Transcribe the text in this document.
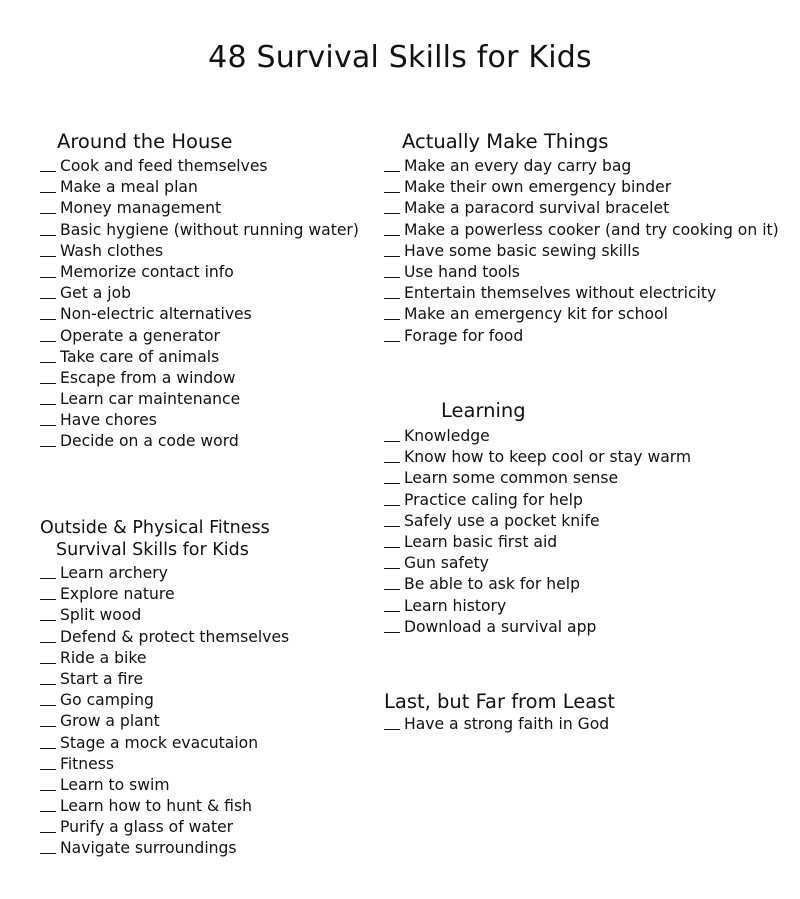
48 Survival Skills for Kids
Around the House
Cook and feed themselves
Make a meal plan
Money management
Basic hygiene (without running water)
Wash clothes
Memorize contact info
Get a job
Non-electric alternatives
Operate a generator
Take care of animals
Escape from a window
Learn car maintenance
Have chores
Decide on a code word
Outside & Physical Fitness
Survival Skills for Kids
Learn archery
Explore nature
Split wood
Defend & protect themselves
Ride a bike
Start a fire
Go camping
Grow a plant
Stage a mock evacutaion
Fitness
Learn to swim
Learn how to hunt & fish
Purify a glass of water
Navigate surroundings
Actually Make Things
Make an every day carry bag
Make their own emergency binder
Make a paracord survival bracelet
Make a powerless cooker (and try cooking on it)
Have some basic sewing skills
Use hand tools
Entertain themselves without electricity
Make an emergency kit for school
Forage for food
Learning
Knowledge
Know how to keep cool or stay warm
Learn some common sense
Practice caling for help
Safely use a pocket knife
Learn basic first aid
Gun safety
Be able to ask for help
Learn history
Download a survival app
Last, but Far from Least
Have a strong faith in God
